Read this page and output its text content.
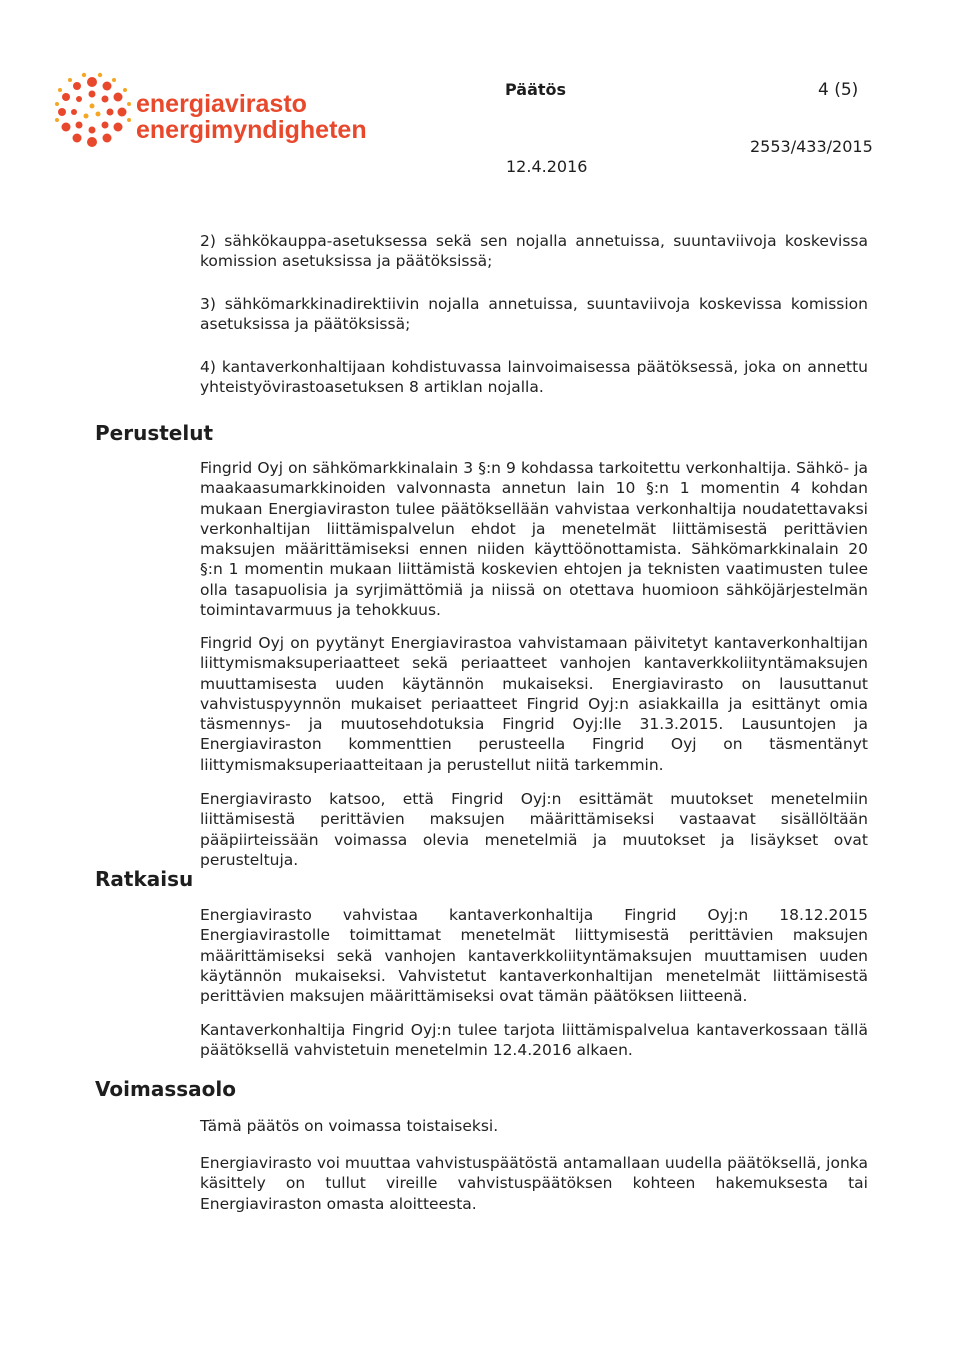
energiavirasto
energimyndigheten
Päätös	4 (5)
2553/433/2015
12.4.2016
Perustelut
Ratkaisu
Voimassaolo

2) sähkökauppa-asetuksessa sekä sen nojalla annetuissa, suuntaviivoja koskevissa komission asetuksissa ja päätöksissä;

3) sähkömarkkinadirektiivin nojalla annetuissa, suuntaviivoja koskevissa komission asetuksissa ja päätöksissä;

4) kantaverkonhaltijaan kohdistuvassa lainvoimaisessa päätöksessä, joka on annettu yhteistyövirastoasetuksen 8 artiklan nojalla.

Fingrid Oyj on sähkömarkkinalain 3 §:n 9 kohdassa tarkoitettu verkonhaltija. Sähkö- ja maakaasumarkkinoiden valvonnasta annetun lain 10 §:n 1 momentin 4 kohdan mukaan Energiaviraston tulee päätöksellään vahvistaa verkonhaltija noudatettavaksi verkonhaltijan liittämispalvelun ehdot ja menetelmät liittämisestä perittävien maksujen määrittämiseksi ennen niiden käyttöönottamista. Sähkömarkkinalain 20 §:n 1 momentin mukaan liittämistä koskevien ehtojen ja teknisten vaatimusten tulee olla tasapuolisia ja syrjimättömiä ja niissä on otettava huomioon sähköjärjestelmän toimintavarmuus ja tehokkuus.

Fingrid Oyj on pyytänyt Energiavirastoa vahvistamaan päivitetyt kantaverkonhaltijan liittymismaksuperiaatteet sekä periaatteet vanhojen kantaverkkoliityntämaksujen muuttamisesta uuden käytännön mukaiseksi. Energiavirasto on lausuttanut vahvistuspyynnön mukaiset periaatteet Fingrid Oyj:n asiakkailla ja esittänyt omia täsmennys- ja muutosehdotuksia Fingrid Oyj:lle 31.3.2015. Lausuntojen ja Energiaviraston kommenttien perusteella Fingrid Oyj on täsmentänyt liittymismaksuperiaatteitaan ja perustellut niitä tarkemmin.

Energiavirasto katsoo, että Fingrid Oyj:n esittämät muutokset menetelmiin liittämisestä perittävien maksujen määrittämiseksi vastaavat sisällöltään pääpiirteissään voimassa olevia menetelmiä ja muutokset ja lisäykset ovat perusteltuja.

Energiavirasto vahvistaa kantaverkonhaltija Fingrid Oyj:n 18.12.2015 Energiavirastolle toimittamat menetelmät liittymisestä perittävien maksujen määrittämiseksi sekä vanhojen kantaverkkoliityntämaksujen muuttamisen uuden käytännön mukaiseksi. Vahvistetut kantaverkonhaltijan menetelmät liittämisestä perittävien maksujen määrittämiseksi ovat tämän päätöksen liitteenä.

Kantaverkonhaltija Fingrid Oyj:n tulee tarjota liittämispalvelua kantaverkossaan tällä päätöksellä vahvistetuin menetelmin 12.4.2016 alkaen.

Tämä päätös on voimassa toistaiseksi.

Energiavirasto voi muuttaa vahvistuspäätöstä antamallaan uudella päätöksellä, jonka käsittely on tullut vireille vahvistuspäätöksen kohteen hakemuksesta tai Energiaviraston omasta aloitteesta.
